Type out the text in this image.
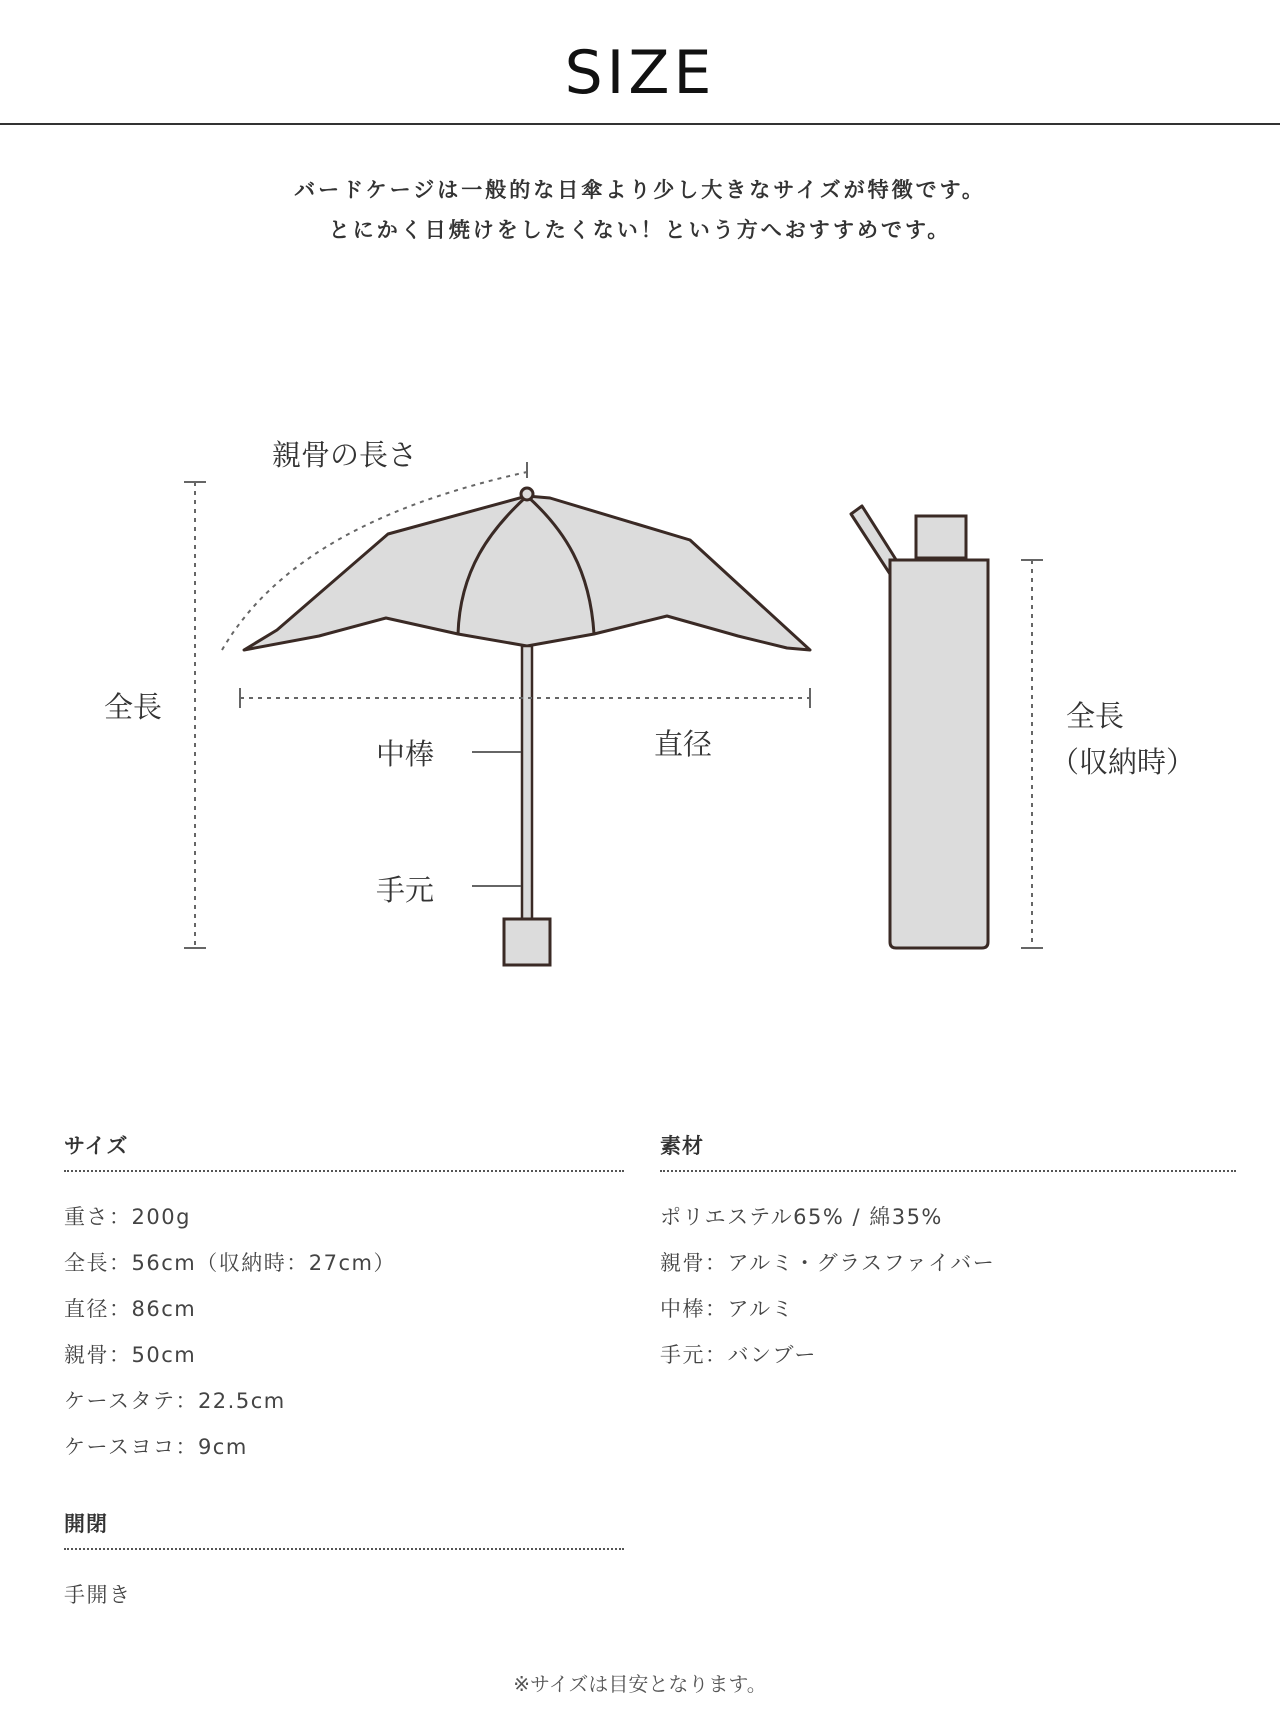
SIZE
バードケージは一般的な日傘より少し大きなサイズが特徴です。
とにかく日焼けをしたくない！という方へおすすめです。
親骨の長さ
全長
中棒	直径
手元
全長
（収納時）
サイズ
重さ：200g
全長：56cm（収納時：27cm）
直径：86cm
親骨：50cm
ケースタテ：22.5cm
ケースヨコ：9cm
開閉
手開き
素材
ポリエステル65% / 綿35%
親骨：アルミ・グラスファイバー
中棒：アルミ
手元：バンブー
※サイズは目安となります。
